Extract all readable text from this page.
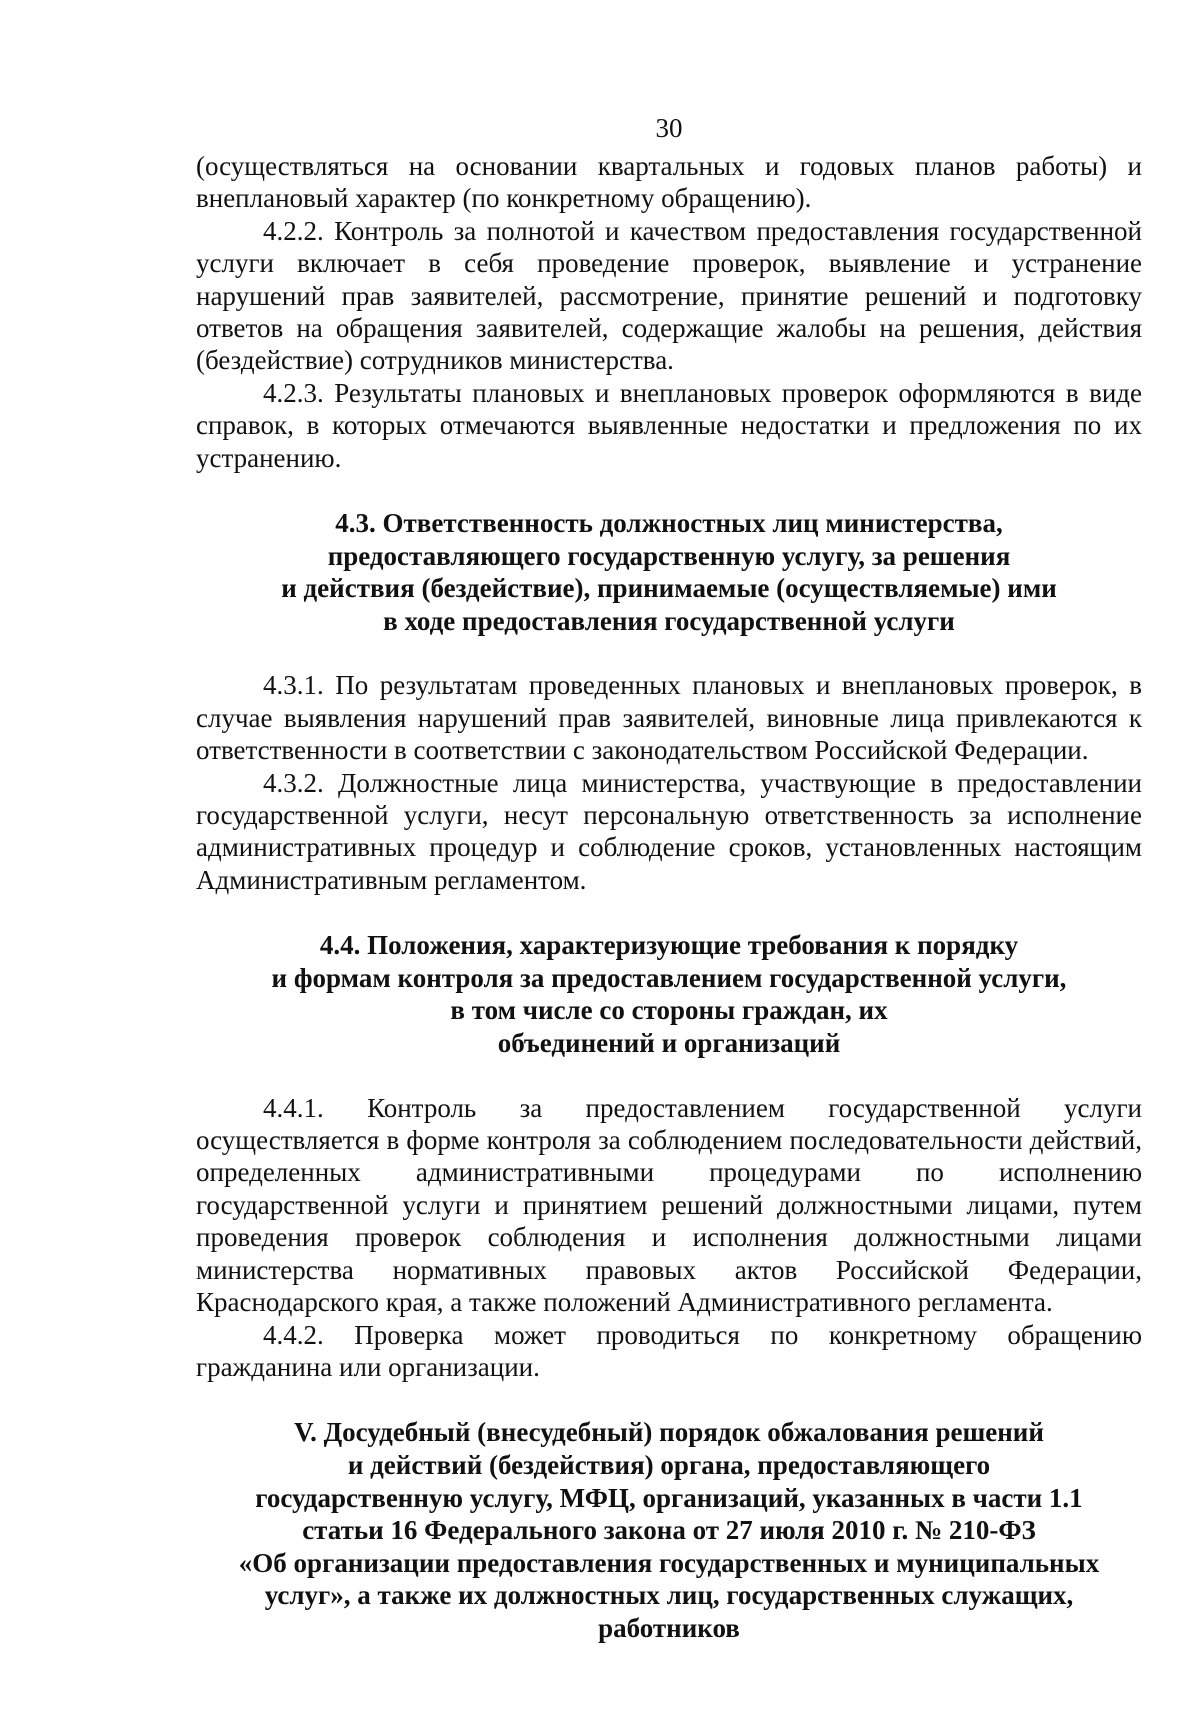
30

(осуществляться на основании квартальных и годовых планов работы) и внеплановый характер (по конкретному обращению).

4.2.2. Контроль за полнотой и качеством предоставления государственной услуги включает в себя проведение проверок, выявление и устранение нарушений прав заявителей, рассмотрение, принятие решений и подготовку ответов на обращения заявителей, содержащие жалобы на решения, действия (бездействие) сотрудников министерства.

4.2.3. Результаты плановых и внеплановых проверок оформляются в виде справок, в которых отмечаются выявленные недостатки и предложения по их устранению.

4.3. Ответственность должностных лиц министерства,
предоставляющего государственную услугу, за решения
и действия (бездействие), принимаемые (осуществляемые) ими
в ходе предоставления государственной услуги

4.3.1. По результатам проведенных плановых и внеплановых проверок, в случае выявления нарушений прав заявителей, виновные лица привлекаются к ответственности в соответствии с законодательством Российской Федерации.

4.3.2. Должностные лица министерства, участвующие в предоставлении государственной услуги, несут персональную ответственность за исполнение административных процедур и соблюдение сроков, установленных настоящим Административным регламентом.

4.4. Положения, характеризующие требования к порядку
и формам контроля за предоставлением государственной услуги,
в том числе со стороны граждан, их
объединений и организаций

4.4.1. Контроль за предоставлением государственной услуги осуществляется в форме контроля за соблюдением последовательности действий, определенных административными процедурами по исполнению государственной услуги и принятием решений должностными лицами, путем проведения проверок соблюдения и исполнения должностными лицами министерства нормативных правовых актов Российской Федерации, Краснодарского края, а также положений Административного регламента.

4.4.2. Проверка может проводиться по конкретному обращению гражданина или организации.

V. Досудебный (внесудебный) порядок обжалования решений
и действий (бездействия) органа, предоставляющего
государственную услугу, МФЦ, организаций, указанных в части 1.1
статьи 16 Федерального закона от 27 июля 2010 г. № 210-ФЗ
«Об организации предоставления государственных и муниципальных
услуг», а также их должностных лиц, государственных служащих,
работников
